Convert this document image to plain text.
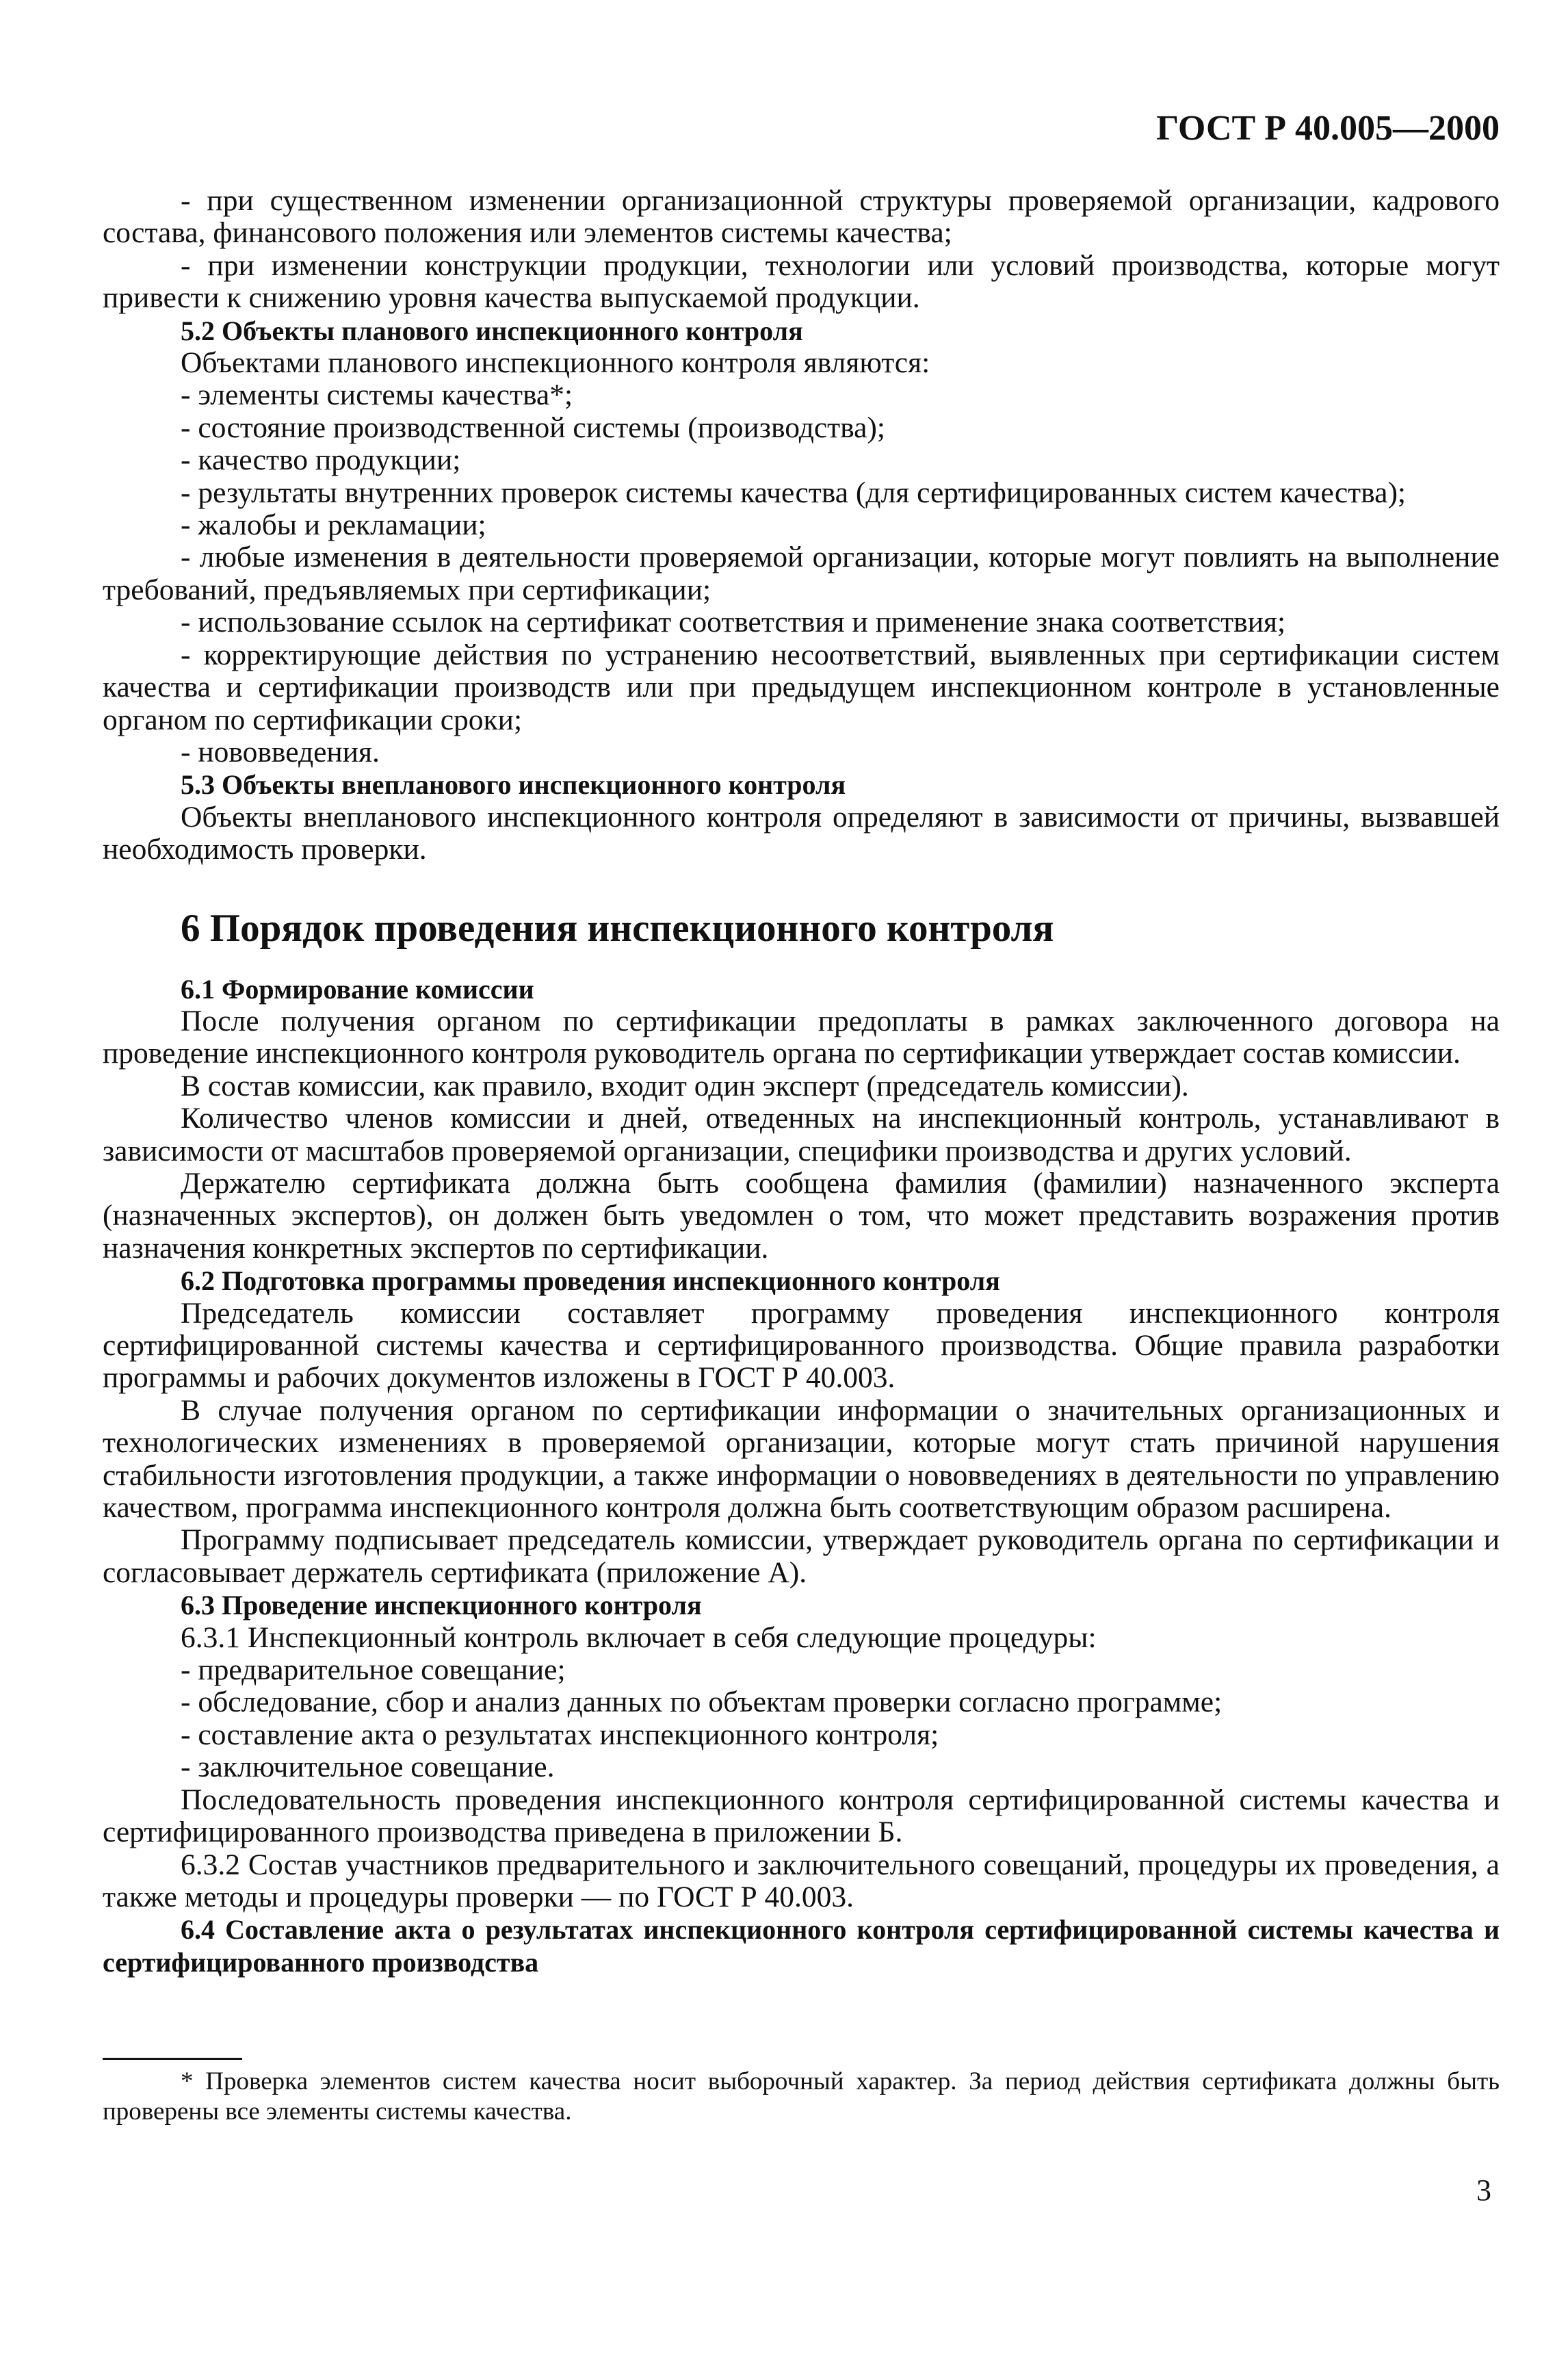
ГОСТ Р 40.005—2000

- при существенном изменении организационной структуры проверяемой организации, кадрового состава, финансового положения или элементов системы качества;

- при изменении конструкции продукции, технологии или условий производства, которые могут привести к снижению уровня качества выпускаемой продукции.

5.2 Объекты планового инспекционного контроля

Объектами планового инспекционного контроля являются:

- элементы системы качества*;

- состояние производственной системы (производства);

- качество продукции;

- результаты внутренних проверок системы качества (для сертифицированных систем качества);

- жалобы и рекламации;

- любые изменения в деятельности проверяемой организации, которые могут повлиять на выполнение требований, предъявляемых при сертификации;

- использование ссылок на сертификат соответствия и применение знака соответствия;

- корректирующие действия по устранению несоответствий, выявленных при сертификации систем качества и сертификации производств или при предыдущем инспекционном контроле в установленные органом по сертификации сроки;

- нововведения.

5.3 Объекты внепланового инспекционного контроля

Объекты внепланового инспекционного контроля определяют в зависимости от причины, вызвавшей необходимость проверки.

6 Порядок проведения инспекционного контроля
6.1 Формирование комиссии

После получения органом по сертификации предоплаты в рамках заключенного договора на проведение инспекционного контроля руководитель органа по сертификации утверждает состав комиссии.

В состав комиссии, как правило, входит один эксперт (председатель комиссии).

Количество членов комиссии и дней, отведенных на инспекционный контроль, устанавливают в зависимости от масштабов проверяемой организации, специфики производства и других условий.

Держателю сертификата должна быть сообщена фамилия (фамилии) назначенного эксперта (назначенных экспертов), он должен быть уведомлен о том, что может представить возражения против назначения конкретных экспертов по сертификации.

6.2 Подготовка программы проведения инспекционного контроля

Председатель комиссии составляет программу проведения инспекционного контроля сертифицированной системы качества и сертифицированного производства. Общие правила разработки программы и рабочих документов изложены в ГОСТ Р 40.003.

В случае получения органом по сертификации информации о значительных организационных и технологических изменениях в проверяемой организации, которые могут стать причиной нарушения стабильности изготовления продукции, а также информации о нововведениях в деятельности по управлению качеством, программа инспекционного контроля должна быть соответствующим образом расширена.

Программу подписывает председатель комиссии, утверждает руководитель органа по сертификации и согласовывает держатель сертификата (приложение А).

6.3 Проведение инспекционного контроля

6.3.1 Инспекционный контроль включает в себя следующие процедуры:

- предварительное совещание;

- обследование, сбор и анализ данных по объектам проверки согласно программе;

- составление акта о результатах инспекционного контроля;

- заключительное совещание.

Последовательность проведения инспекционного контроля сертифицированной системы качества и сертифицированного производства приведена в приложении Б.

6.3.2 Состав участников предварительного и заключительного совещаний, процедуры их проведения, а также методы и процедуры проверки — по ГОСТ Р 40.003.

6.4 Составление акта о результатах инспекционного контроля сертифицированной системы качества и сертифицированного производства

* Проверка элементов систем качества носит выборочный характер. За период действия сертификата должны быть проверены все элементы системы качества.

3
